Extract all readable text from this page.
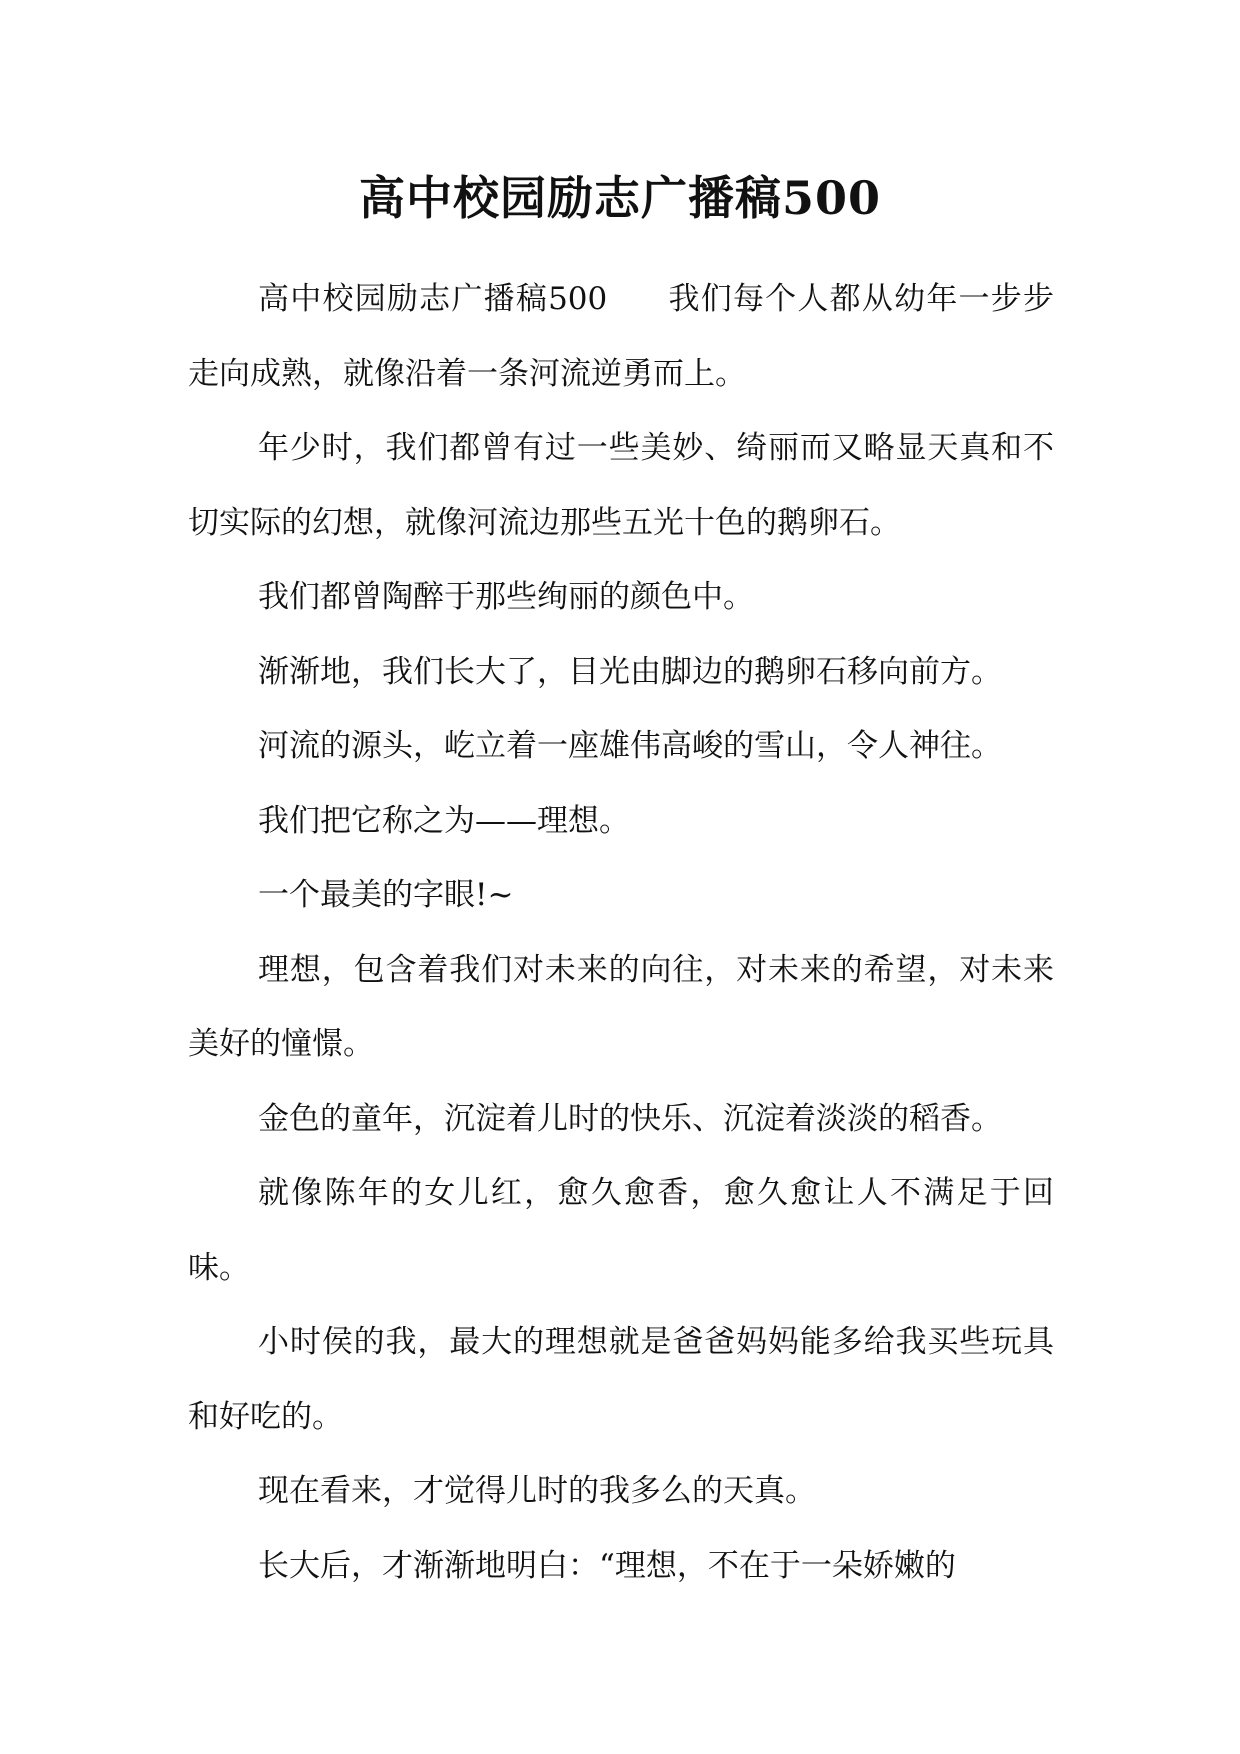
高中校园励志广播稿500

高中校园励志广播稿500 我们每个人都从幼年一步步走向成熟，就像沿着一条河流逆勇而上。

年少时，我们都曾有过一些美妙、绮丽而又略显天真和不切实际的幻想，就像河流边那些五光十色的鹅卵石。

我们都曾陶醉于那些绚丽的颜色中。

渐渐地，我们长大了，目光由脚边的鹅卵石移向前方。

河流的源头，屹立着一座雄伟高峻的雪山，令人神往。

我们把它称之为——理想。

一个最美的字眼!~

理想，包含着我们对未来的向往，对未来的希望，对未来美好的憧憬。

金色的童年，沉淀着儿时的快乐、沉淀着淡淡的稻香。

就像陈年的女儿红，愈久愈香，愈久愈让人不满足于回味。

小时侯的我，最大的理想就是爸爸妈妈能多给我买些玩具和好吃的。

现在看来，才觉得儿时的我多么的天真。

长大后，才渐渐地明白：“理想，不在于一朵娇嫩的
